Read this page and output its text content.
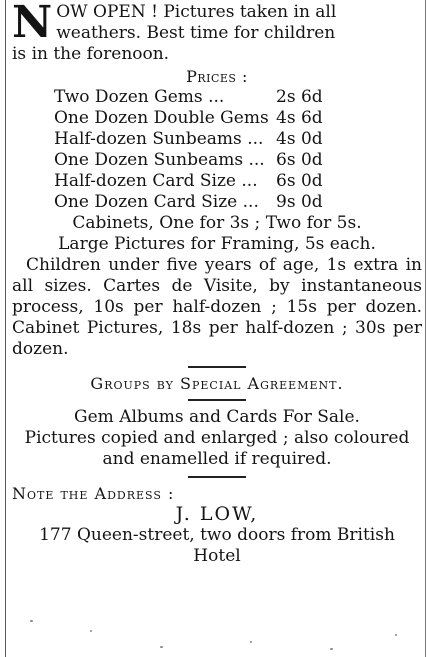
N OW OPEN ! Pictures taken in all
weathers. Best time for children
is in the forenoon.

Prices :
Two Dozen Gems ...	2s 6d
One Dozen Double Gems	4s 6d
Half-dozen Sunbeams ...	4s 0d
One Dozen Sunbeams ...	6s 0d
Half-dozen Card Size ...	6s 0d
One Dozen Card Size ...	9s 0d

Cabinets, One for 3s ; Two for 5s.

Large Pictures for Framing, 5s each.

Children under five years of age, 1s extra in all sizes. Cartes de Visite, by instantaneous process, 10s per half-dozen ; 15s per dozen. Cabinet Pictures, 18s per half-dozen ; 30s per dozen.

Groups by Special Agreement.

Gem Albums and Cards For Sale.

Pictures copied and enlarged ; also coloured and enamelled if required.

Note the Address :

J. LOW,

177 Queen-street, two doors from British

Hotel
